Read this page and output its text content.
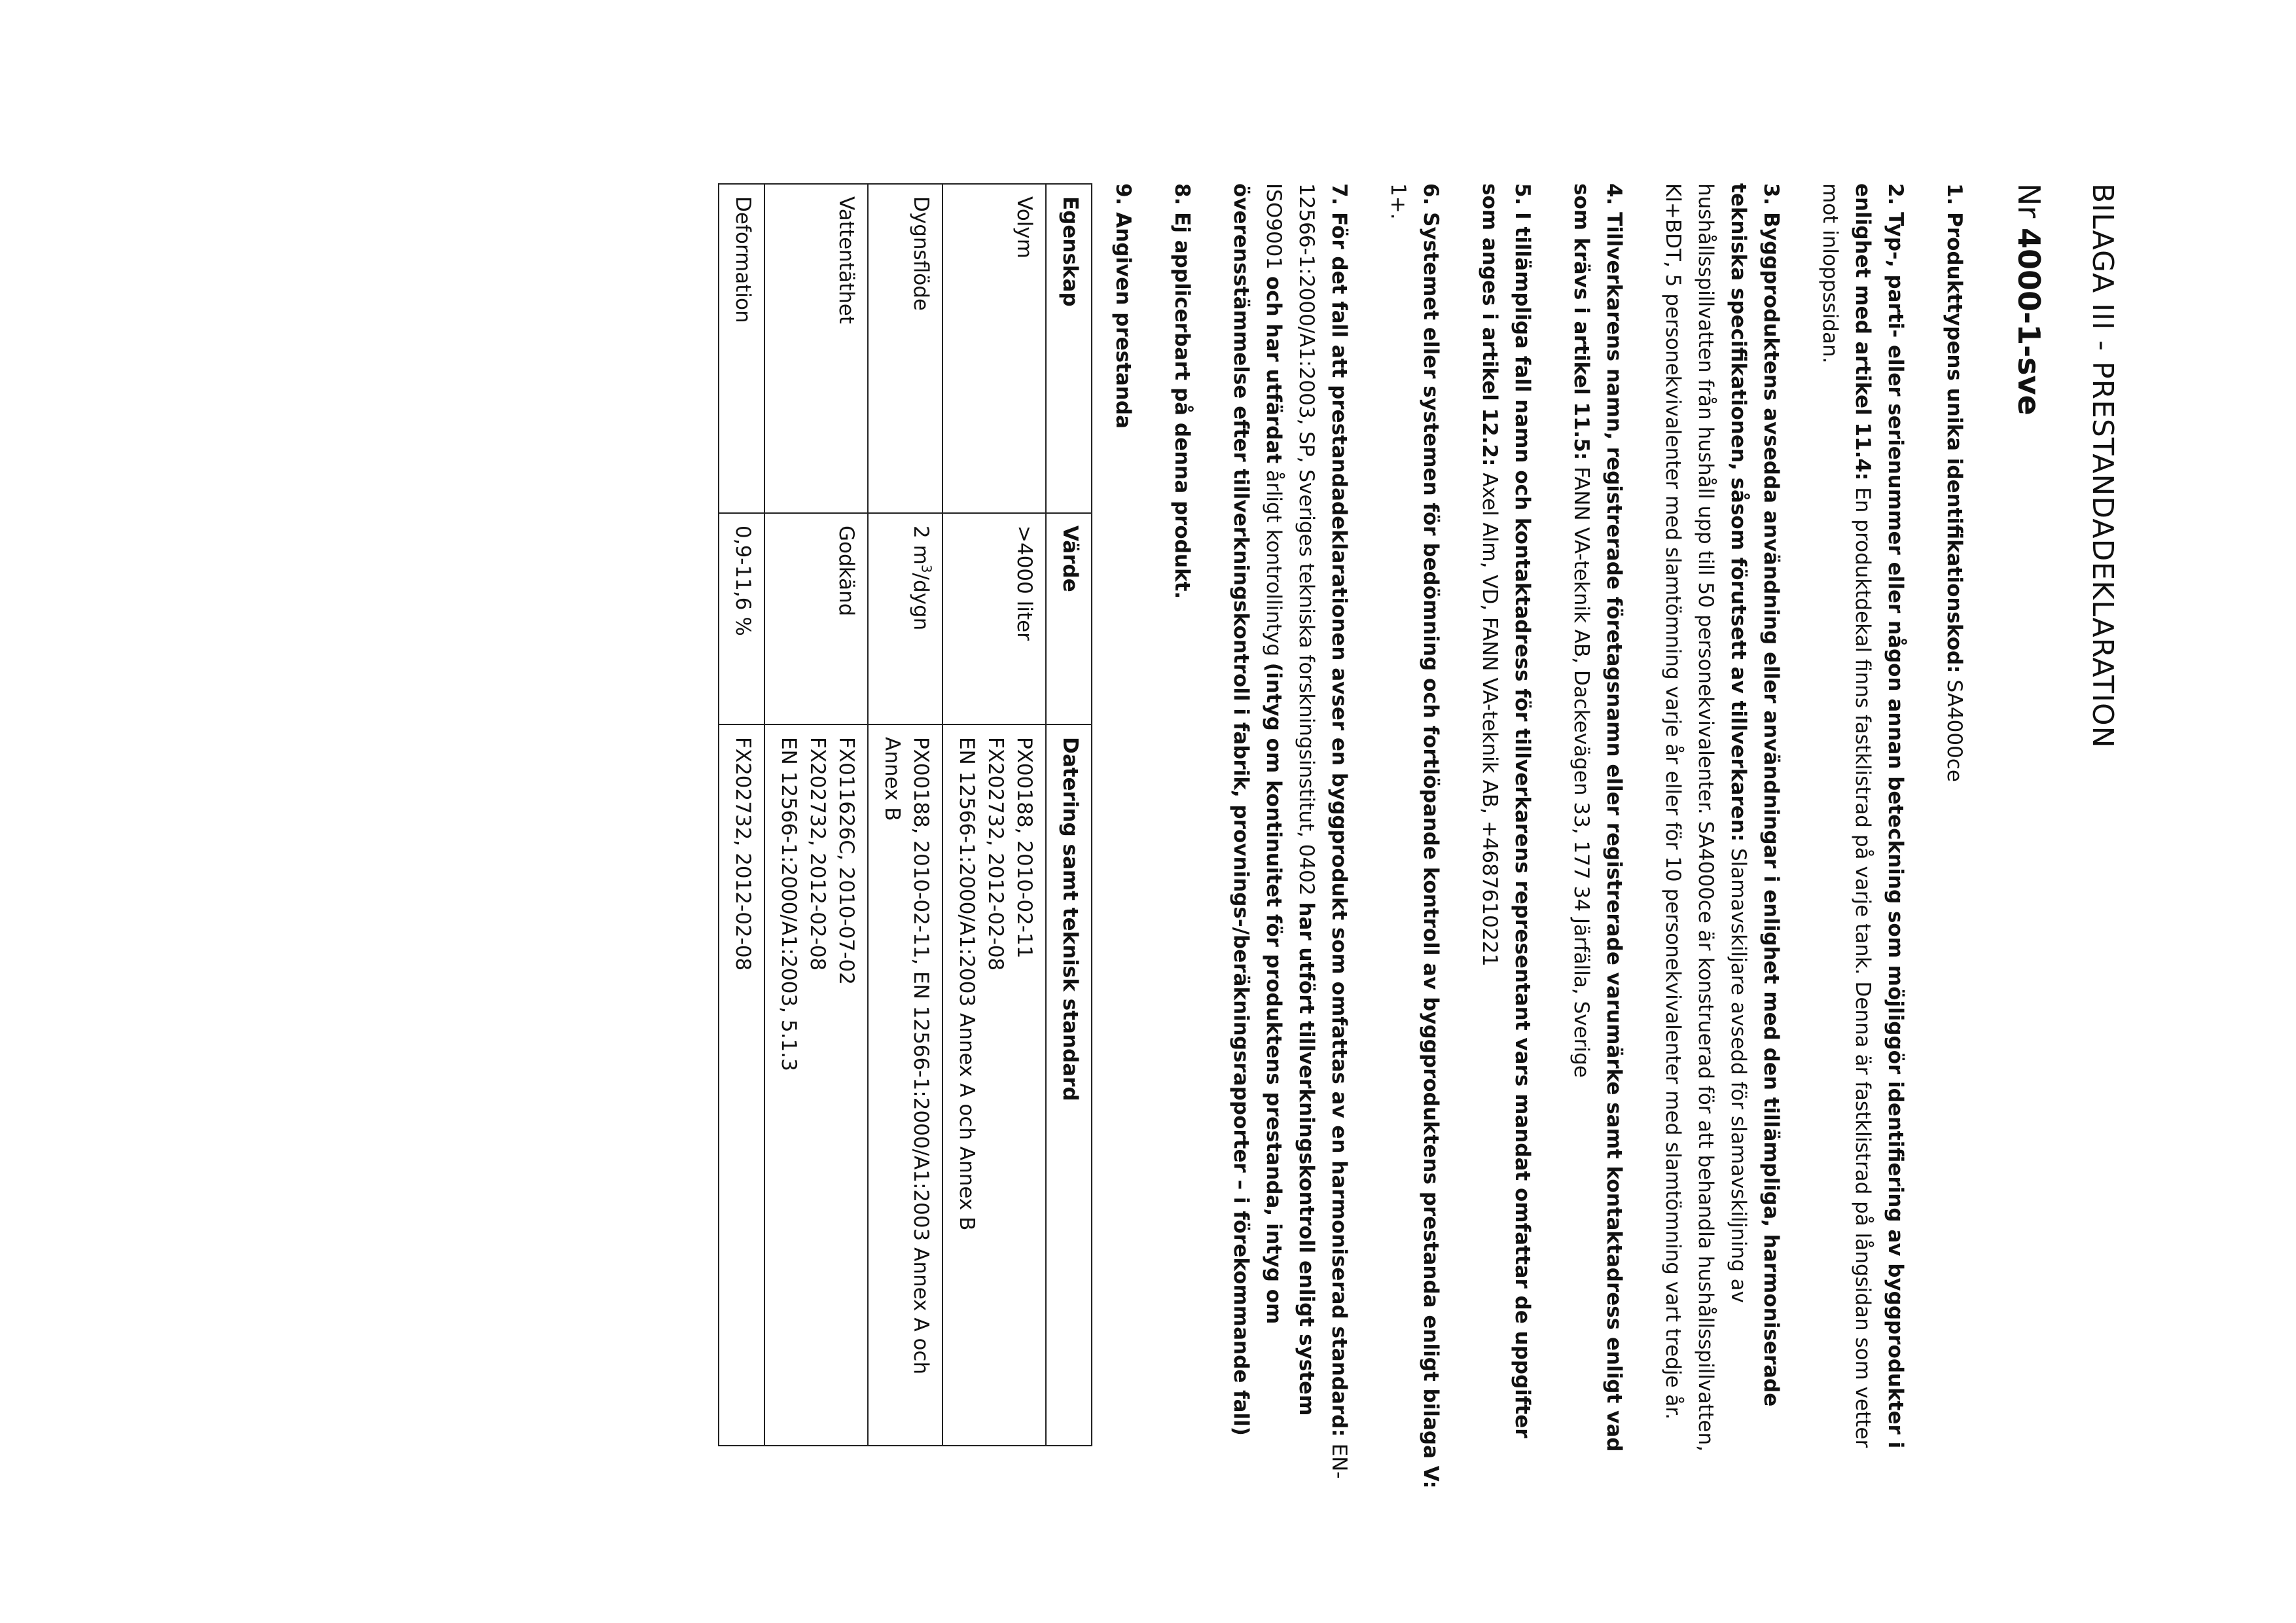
BILAGA III - PRESTANDADEKLARATION
Nr 4000-1-sve

1. Produkttypens unika identifikationskod: SA4000ce

2. Typ-, parti- eller serienummer eller någon annan beteckning som möjliggör identifiering av byggprodukter i enlighet med artikel 11.4: En produktdekal finns fastklistrad på varje tank. Denna är fastklistrad på långsidan som vetter mot inloppssidan.

3. Byggproduktens avsedda användning eller användningar i enlighet med den tillämpliga, harmoniserade tekniska specifikationen, såsom förutsett av tillverkaren: Slamavskiljare avsedd för slamavskiljning av hushållsspillvatten från hushåll upp till 50 personekvivalenter. SA4000ce är konstruerad för att behandla hushållsspillvatten, Kl+BDT, 5 personekvivalenter med slamtömning varje år eller för 10 personekvivalenter med slamtömning vart tredje år.

4. Tillverkarens namn, registrerade företagsnamn eller registrerade varumärke samt kontaktadress enligt vad som krävs i artikel 11.5: FANN VA-teknik AB, Dackevägen 33, 177 34 Järfälla, Sverige

5. I tillämpliga fall namn och kontaktadress för tillverkarens representant vars mandat omfattar de uppgifter som anges i artikel 12.2: Axel Alm, VD, FANN VA-teknik AB, +4687610221

6. Systemet eller systemen för bedömning och fortlöpande kontroll av byggproduktens prestanda enligt bilaga V: 1+.

7. För det fall att prestandadeklarationen avser en byggprodukt som omfattas av en harmoniserad standard: EN-12566-1:2000/A1:2003, SP, Sveriges tekniska forskningsinstitut, 0402 har utfört tillverkningskontroll enligt system ISO9001 och har utfärdat årligt kontrollintyg (intyg om kontinuitet för produktens prestanda, intyg om överensstämmelse efter tillverkningskontroll i fabrik, provnings-/beräkningsrapporter – i förekommande fall)

8. Ej applicerbart på denna produkt.

9. Angiven prestanda

Egenskap	Värde	Datering samt teknisk standard
Volym	>4000 liter	PX00188, 2010-02-11
FX202732, 2012-02-08
EN 12566-1:2000/A1:2003 Annex A och Annex B

Dygnsflöde	2 $m^3$/dygn	PX00188, 2010-02-11, EN 12566-1:2000/A1:2003 Annex A och Annex B

Vattentäthet	Godkänd	FX011626C, 2010-07-02
FX202732, 2012-02-08
EN 12566-1:2000/A1:2003, 5.1.3

Deformation	0,9-11,6 %	FX202732, 2012-02-08
